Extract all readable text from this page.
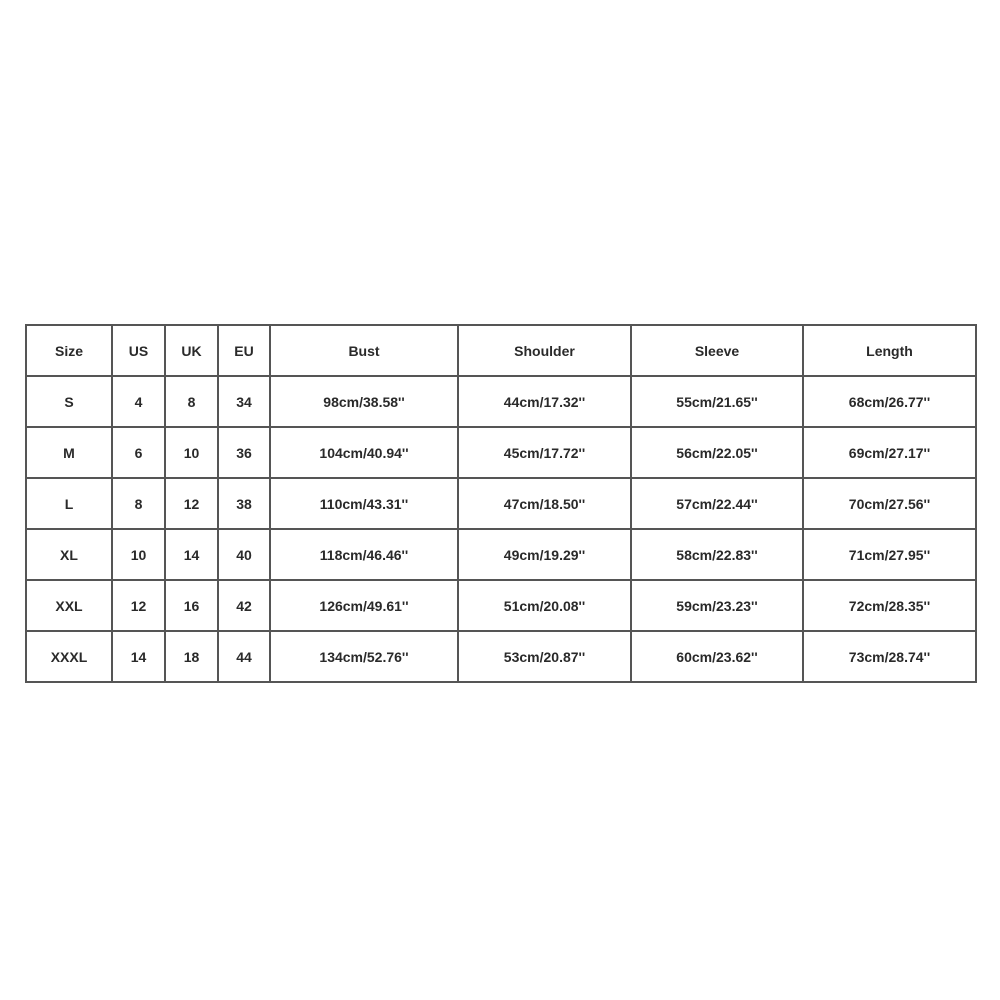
Size	US	UK	EU	Bust	Shoulder	Sleeve	Length
S	4	8	34	98cm/38.58''	44cm/17.32''	55cm/21.65''	68cm/26.77''
M	6	10	36	104cm/40.94''	45cm/17.72''	56cm/22.05''	69cm/27.17''
L	8	12	38	110cm/43.31''	47cm/18.50''	57cm/22.44''	70cm/27.56''
XL	10	14	40	118cm/46.46''	49cm/19.29''	58cm/22.83''	71cm/27.95''
XXL	12	16	42	126cm/49.61''	51cm/20.08''	59cm/23.23''	72cm/28.35''
XXXL	14	18	44	134cm/52.76''	53cm/20.87''	60cm/23.62''	73cm/28.74''
